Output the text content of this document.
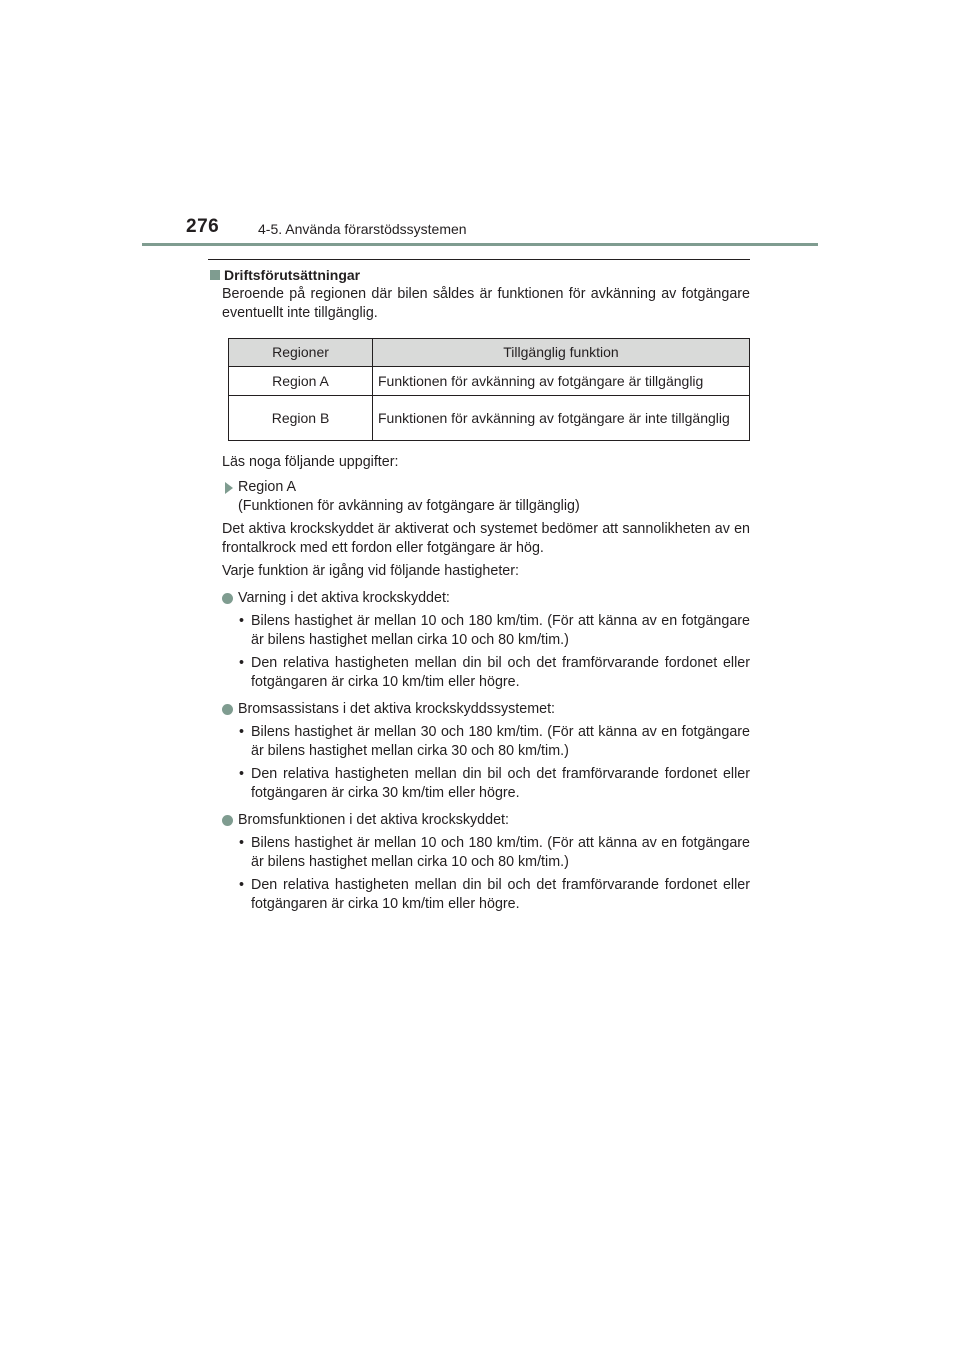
276	4-5. Använda förarstödssystemen
Driftsförutsättningar

Beroende på regionen där bilen såldes är funktionen för avkänning av fotgängare eventuellt inte tillgänglig.

Regioner	Tillgänglig funktion
Region A	Funktionen för avkänning av fotgängare är tillgänglig
Region B	Funktionen för avkänning av fotgängare är inte tillgänglig

Läs noga följande uppgifter:

Region A
(Funktionen för avkänning av fotgängare är tillgänglig)

Det aktiva krockskyddet är aktiverat och systemet bedömer att sannolikheten av en frontalkrock med ett fordon eller fotgängare är hög.

Varje funktion är igång vid följande hastigheter:

Varning i det aktiva krockskyddet:
• Bilens hastighet är mellan 10 och 180 km/tim. (För att känna av en fotgängare är bilens hastighet mellan cirka 10 och 80 km/tim.)
• Den relativa hastigheten mellan din bil och det framförvarande fordonet eller fotgängaren är cirka 10 km/tim eller högre.
Bromsassistans i det aktiva krockskyddssystemet:
• Bilens hastighet är mellan 30 och 180 km/tim. (För att känna av en fotgängare är bilens hastighet mellan cirka 30 och 80 km/tim.)
• Den relativa hastigheten mellan din bil och det framförvarande fordonet eller fotgängaren är cirka 30 km/tim eller högre.
Bromsfunktionen i det aktiva krockskyddet:
• Bilens hastighet är mellan 10 och 180 km/tim. (För att känna av en fotgängare är bilens hastighet mellan cirka 10 och 80 km/tim.)
• Den relativa hastigheten mellan din bil och det framförvarande fordonet eller fotgängaren är cirka 10 km/tim eller högre.
